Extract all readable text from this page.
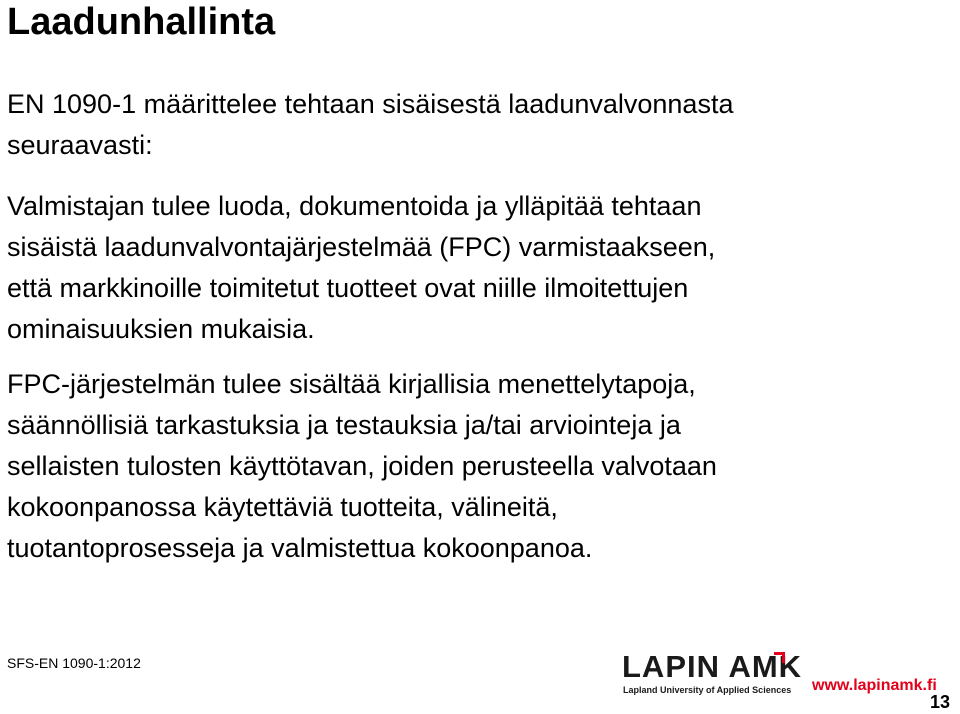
Laadunhallinta

EN 1090-1 määrittelee tehtaan sisäisestä laadunvalvonnasta
seuraavasti:

Valmistajan tulee luoda, dokumentoida ja ylläpitää tehtaan
sisäistä laadunvalvontajärjestelmää (FPC) varmistaakseen,
että markkinoille toimitetut tuotteet ovat niille ilmoitettujen
ominaisuuksien mukaisia.

FPC-järjestelmän tulee sisältää kirjallisia menettelytapoja,
säännöllisiä tarkastuksia ja testauksia ja/tai arviointeja ja
sellaisten tulosten käyttötavan, joiden perusteella valvotaan
kokoonpanossa käytettäviä tuotteita, välineitä,
tuotantoprosesseja ja valmistettua kokoonpanoa.

SFS-EN 1090-1:2012	LAPIN AMK
Lapland University of Applied Sciences www.lapinamk.fi
13
